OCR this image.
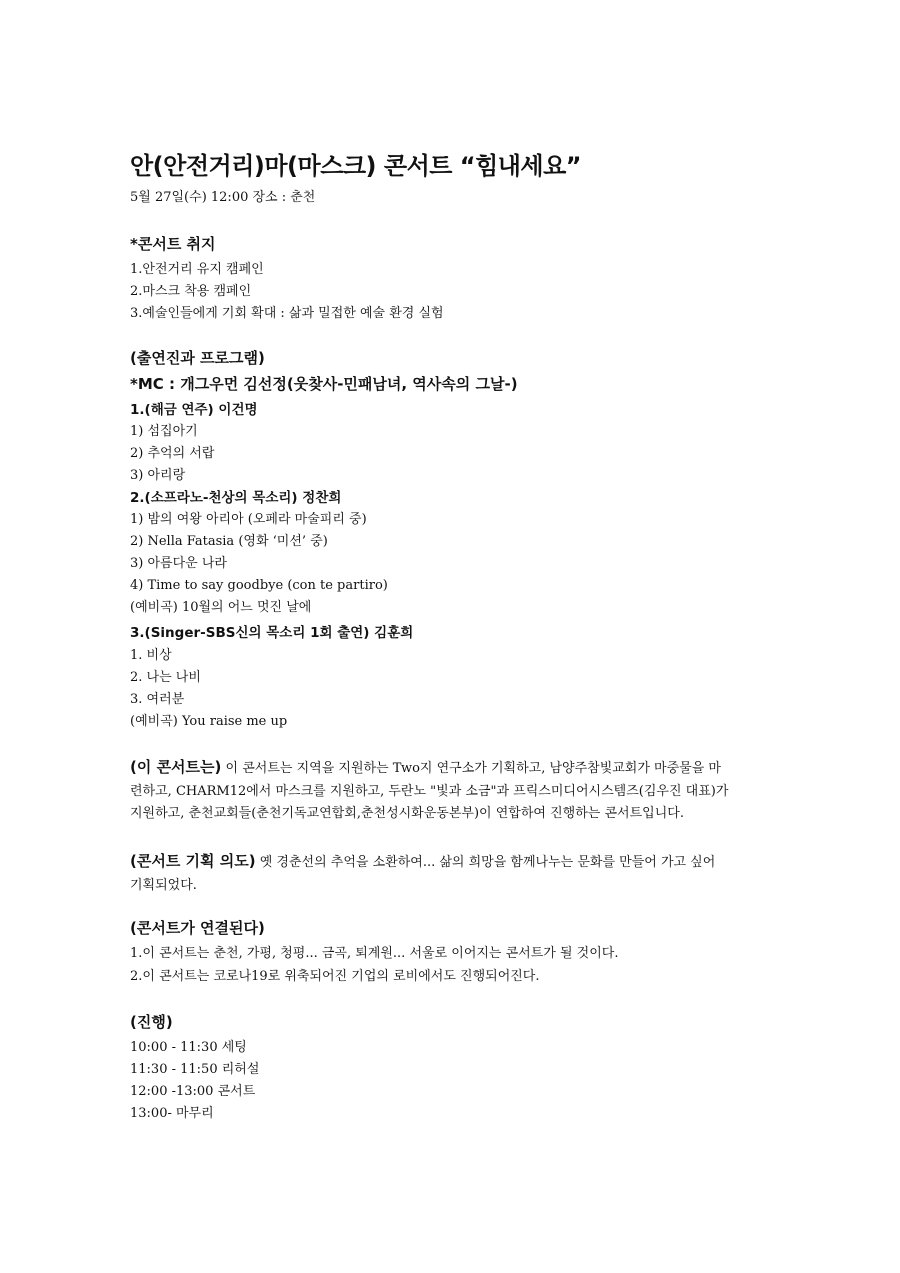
안(안전거리)마(마스크) 콘서트 “힘내세요”
5월 27일(수) 12:00 장소 : 춘천
*콘서트 취지
1.안전거리 유지 캠페인
2.마스크 착용 캠페인
3.예술인들에게 기회 확대 : 삶과 밀접한 예술 환경 실험
(출연진과 프로그램)
*MC : 개그우먼 김선정(웃찾사-민패남녀, 역사속의 그날-)
1.(해금 연주) 이건명
1) 섬집아기
2) 추억의 서랍
3) 아리랑
2.(소프라노-천상의 목소리) 정찬희
1) 밤의 여왕 아리아 (오페라 마술피리 중)
2) Nella Fatasia (영화 ‘미션’ 중)
3) 아름다운 나라
4) Time to say goodbye (con te partiro)
(예비곡) 10월의 어느 멋진 날에
3.(Singer-SBS신의 목소리 1회 출연) 김훈희
1. 비상
2. 나는 나비
3. 여러분
(예비곡) You raise me up
(이 콘서트는) 이 콘서트는 지역을 지원하는 Two지 연구소가 기획하고, 남양주참빛교회가 마중물을 마
련하고, CHARM12에서 마스크를 지원하고, 두란노 "빛과 소금"과 프릭스미디어시스템즈(김우진 대표)가
지원하고, 춘천교회들(춘천기독교연합회,춘천성시화운동본부)이 연합하여 진행하는 콘서트입니다.
(콘서트 기획 의도) 옛 경춘선의 추억을 소환하여... 삶의 희망을 함께나누는 문화를 만들어 가고 싶어
기획되었다.
(콘서트가 연결된다)
1.이 콘서트는 춘천, 가평, 청평... 금곡, 퇴계원... 서울로 이어지는 콘서트가 될 것이다.
2.이 콘서트는 코로나19로 위축되어진 기업의 로비에서도 진행되어진다.
(진행)
10:00 - 11:30 세팅
11:30 - 11:50 리허설
12:00 -13:00 콘서트
13:00- 마무리
